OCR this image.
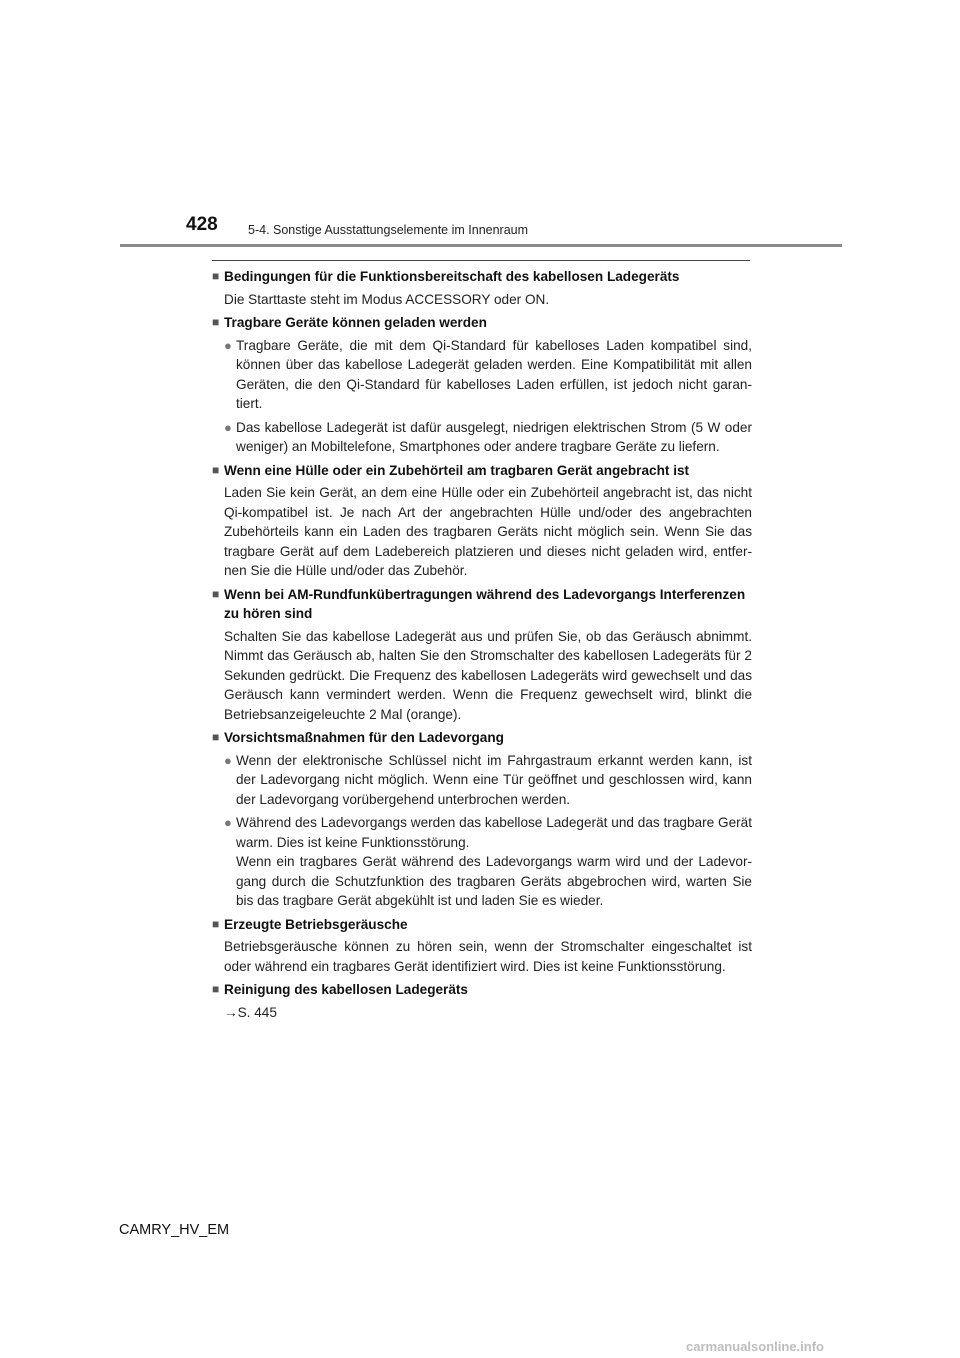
428 5-4. Sonstige Ausstattungselemente im Innenraum
■ Bedingungen für die Funktionsbereitschaft des kabellosen Ladegeräts
Die Starttaste steht im Modus ACCESSORY oder ON.
■ Tragbare Geräte können geladen werden
● Tragbare Geräte, die mit dem Qi-Standard für kabelloses Laden kompatibel sind, können über das kabellose Ladegerät geladen werden. Eine Kompatibilität mit allen Geräten, die den Qi-Standard für kabelloses Laden erfüllen, ist jedoch nicht garan-tiert.
● Das kabellose Ladegerät ist dafür ausgelegt, niedrigen elektrischen Strom (5 W oder weniger) an Mobiltelefone, Smartphones oder andere tragbare Geräte zu liefern.
■ Wenn eine Hülle oder ein Zubehörteil am tragbaren Gerät angebracht ist
Laden Sie kein Gerät, an dem eine Hülle oder ein Zubehörteil angebracht ist, das nicht Qi-kompatibel ist. Je nach Art der angebrachten Hülle und/oder des angebrachten Zubehörteils kann ein Laden des tragbaren Geräts nicht möglich sein. Wenn Sie das tragbare Gerät auf dem Ladebereich platzieren und dieses nicht geladen wird, entfer-nen Sie die Hülle und/oder das Zubehör.
■ Wenn bei AM-Rundfunkübertragungen während des Ladevorgangs Interferenzen zu hören sind
Schalten Sie das kabellose Ladegerät aus und prüfen Sie, ob das Geräusch abnimmt. Nimmt das Geräusch ab, halten Sie den Stromschalter des kabellosen Ladegeräts für 2 Sekunden gedrückt. Die Frequenz des kabellosen Ladegeräts wird gewechselt und das Geräusch kann vermindert werden. Wenn die Frequenz gewechselt wird, blinkt die Betriebsanzeigeleuchte 2 Mal (orange).
■ Vorsichtsmaßnahmen für den Ladevorgang
● Wenn der elektronische Schlüssel nicht im Fahrgastraum erkannt werden kann, ist der Ladevorgang nicht möglich. Wenn eine Tür geöffnet und geschlossen wird, kann der Ladevorgang vorübergehend unterbrochen werden.
● Während des Ladevorgangs werden das kabellose Ladegerät und das tragbare Gerät warm. Dies ist keine Funktionsstörung.
Wenn ein tragbares Gerät während des Ladevorgangs warm wird und der Ladevor-gang durch die Schutzfunktion des tragbaren Geräts abgebrochen wird, warten Sie bis das tragbare Gerät abgekühlt ist und laden Sie es wieder.
■ Erzeugte Betriebsgeräusche
Betriebsgeräusche können zu hören sein, wenn der Stromschalter eingeschaltet ist oder während ein tragbares Gerät identifiziert wird. Dies ist keine Funktionsstörung.
■ Reinigung des kabellosen Ladegeräts
→S. 445
CAMRY_HV_EM
carmanualsonline.info
